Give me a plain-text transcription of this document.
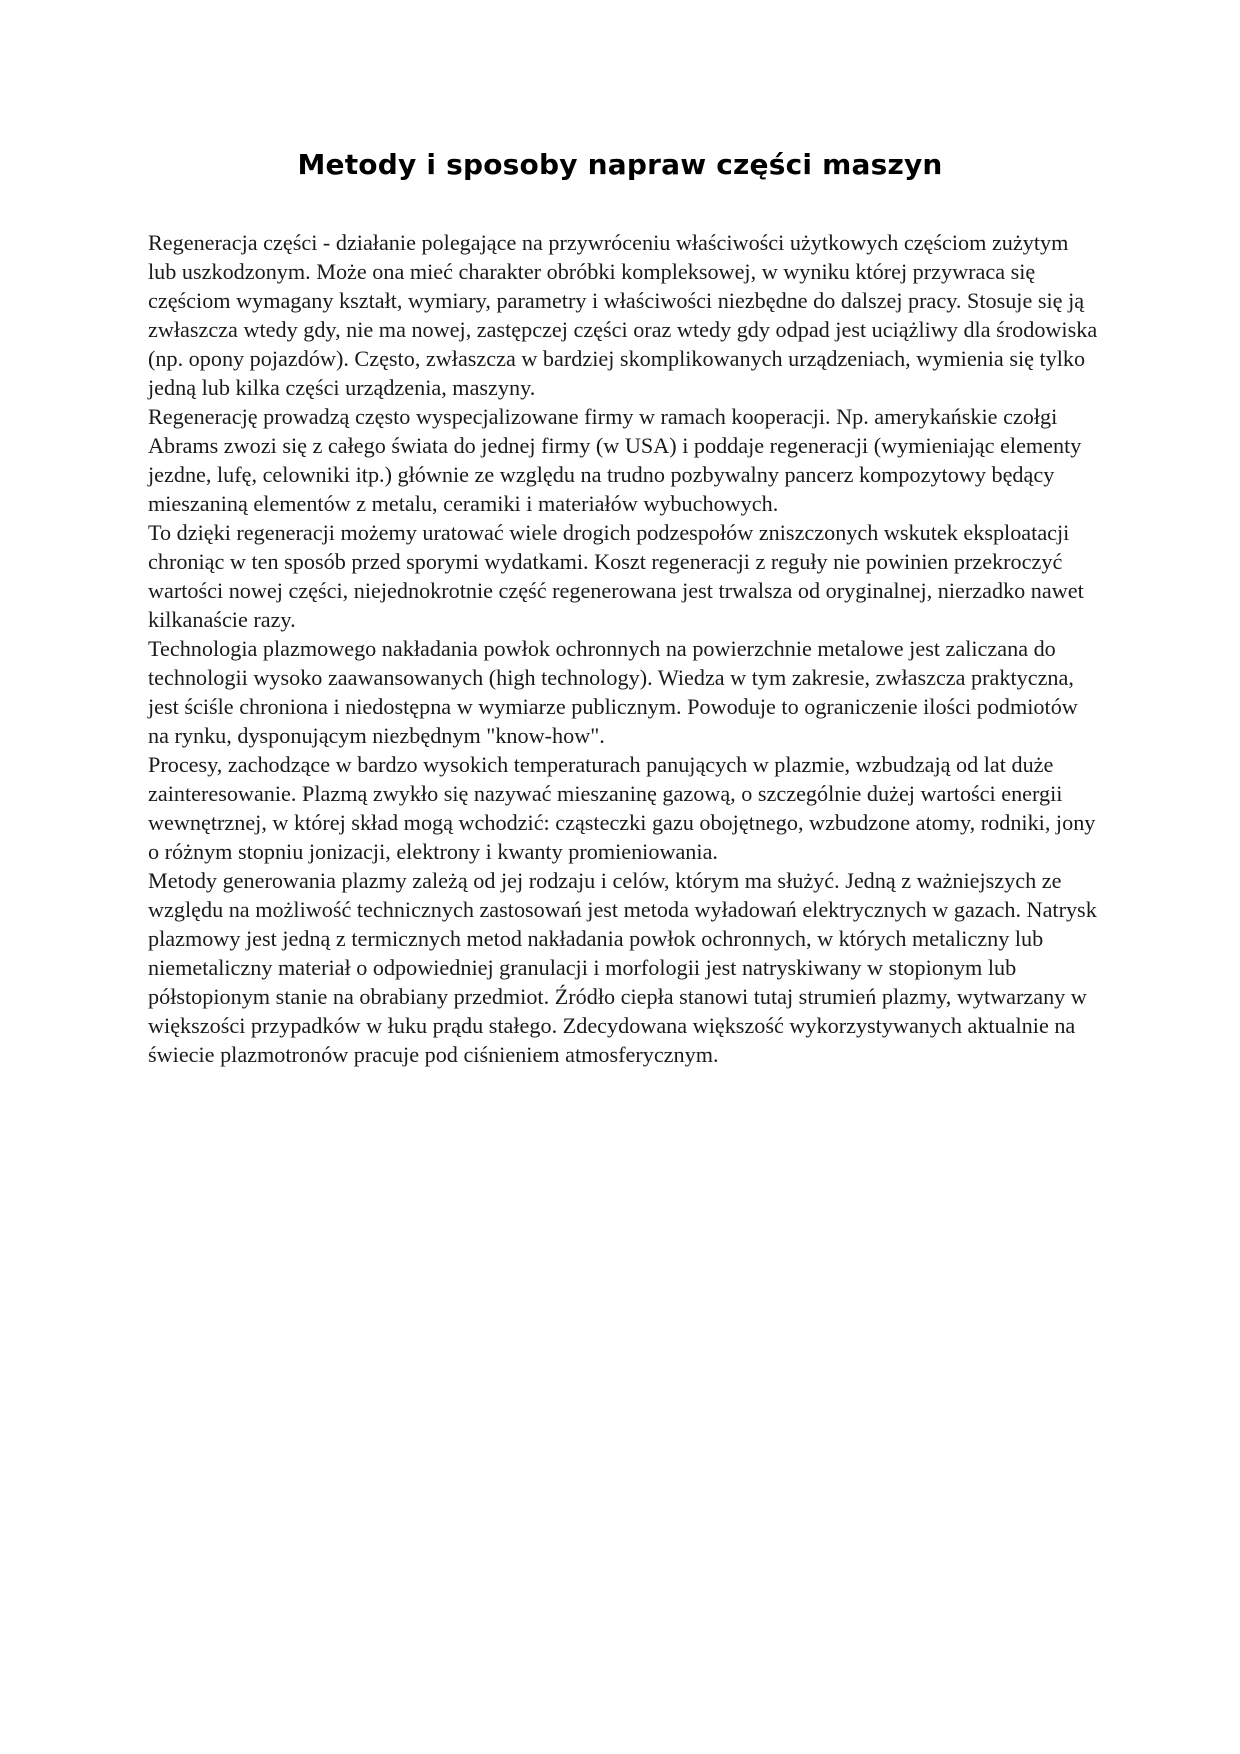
Metody i sposoby napraw części maszyn

Regeneracja części - działanie polegające na przywróceniu właściwości użytkowych częściom zużytym lub uszkodzonym. Może ona mieć charakter obróbki kompleksowej, w wyniku której przywraca się częściom wymagany kształt, wymiary, parametry i właściwości niezbędne do dalszej pracy. Stosuje się ją zwłaszcza wtedy gdy, nie ma nowej, zastępczej części oraz wtedy gdy odpad jest uciążliwy dla środowiska (np. opony pojazdów). Często, zwłaszcza w bardziej skomplikowanych urządzeniach, wymienia się tylko jedną lub kilka części urządzenia, maszyny.

Regenerację prowadzą często wyspecjalizowane firmy w ramach kooperacji. Np. amerykańskie czołgi Abrams zwozi się z całego świata do jednej firmy (w USA) i poddaje regeneracji (wymieniając elementy jezdne, lufę, celowniki itp.) głównie ze względu na trudno pozbywalny pancerz kompozytowy będący mieszaniną elementów z metalu, ceramiki i materiałów wybuchowych.

To dzięki regeneracji możemy uratować wiele drogich podzespołów zniszczonych wskutek eksploatacji chroniąc w ten sposób przed sporymi wydatkami. Koszt regeneracji z reguły nie powinien przekroczyć wartości nowej części, niejednokrotnie część regenerowana jest trwalsza od oryginalnej, nierzadko nawet kilkanaście razy.

Technologia plazmowego nakładania powłok ochronnych na powierzchnie metalowe jest zaliczana do technologii wysoko zaawansowanych (high technology). Wiedza w tym zakresie, zwłaszcza praktyczna, jest ściśle chroniona i niedostępna w wymiarze publicznym. Powoduje to ograniczenie ilości podmiotów na rynku, dysponującym niezbędnym "know-how".

Procesy, zachodzące w bardzo wysokich temperaturach panujących w plazmie, wzbudzają od lat duże zainteresowanie. Plazmą zwykło się nazywać mieszaninę gazową, o szczególnie dużej wartości energii wewnętrznej, w której skład mogą wchodzić: cząsteczki gazu obojętnego, wzbudzone atomy, rodniki, jony o różnym stopniu jonizacji, elektrony i kwanty promieniowania.

Metody generowania plazmy zależą od jej rodzaju i celów, którym ma służyć. Jedną z ważniejszych ze względu na możliwość technicznych zastosowań jest metoda wyładowań elektrycznych w gazach. Natrysk plazmowy jest jedną z termicznych metod nakładania powłok ochronnych, w których metaliczny lub niemetaliczny materiał o odpowiedniej granulacji i morfologii jest natryskiwany w stopionym lub półstopionym stanie na obrabiany przedmiot. Źródło ciepła stanowi tutaj strumień plazmy, wytwarzany w większości przypadków w łuku prądu stałego. Zdecydowana większość wykorzystywanych aktualnie na świecie plazmotronów pracuje pod ciśnieniem atmosferycznym.
